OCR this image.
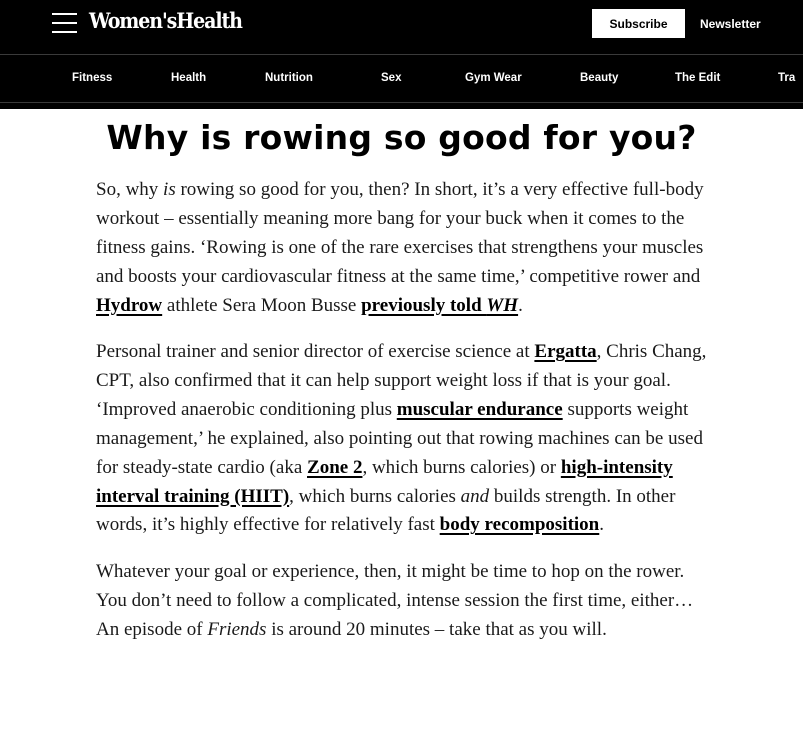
Women'sHealth	Subscribe	Newsletter
Fitness	Health	Nutrition	Sex	Gym Wear	Beauty	The Edit	Tra
Why is rowing so good for you?

So, why is rowing so good for you, then? In short, it’s a very effective full-body workout – essentially meaning more bang for your buck when it comes to the fitness gains. ‘Rowing is one of the rare exercises that strengthens your muscles and boosts your cardiovascular fitness at the same time,’ competitive rower and Hydrow athlete Sera Moon Busse previously told WH.

Personal trainer and senior director of exercise science at Ergatta, Chris Chang, CPT, also confirmed that it can help support weight loss if that is your goal. ‘Improved anaerobic conditioning plus muscular endurance supports weight management,’ he explained, also pointing out that rowing machines can be used for steady-state cardio (aka Zone 2, which burns calories) or high-intensity interval training (HIIT), which burns calories and builds strength. In other words, it’s highly effective for relatively fast body recomposition.

Whatever your goal or experience, then, it might be time to hop on the rower. You don’t need to follow a complicated, intense session the first time, either… An episode of Friends is around 20 minutes – take that as you will.
